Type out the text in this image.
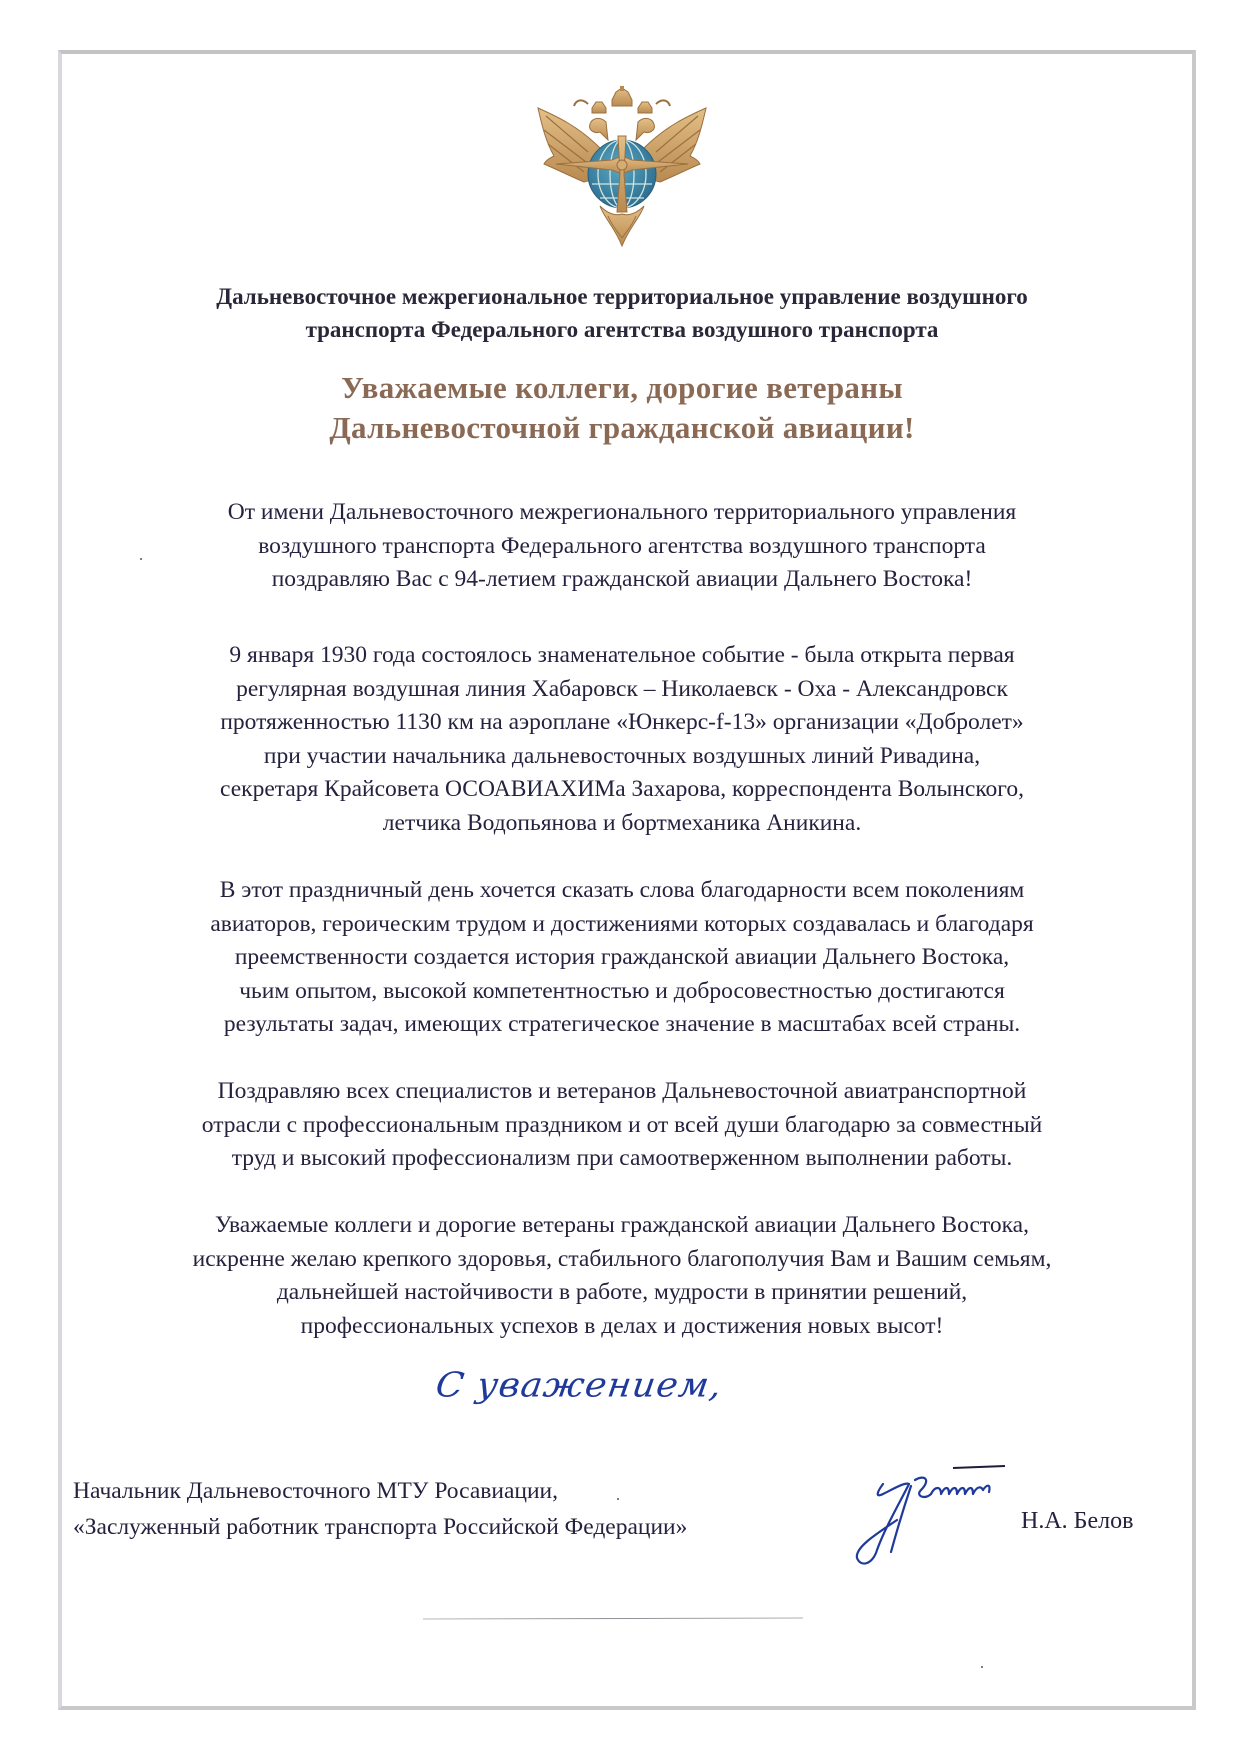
Дальневосточное межрегиональное территориальное управление воздушного
транспорта Федерального агентства воздушного транспорта
Уважаемые коллеги, дорогие ветераны
Дальневосточной гражданской авиации!
От имени Дальневосточного межрегионального территориального управления
воздушного транспорта Федерального агентства воздушного транспорта
поздравляю Вас с 94-летием гражданской авиации Дальнего Востока!
9 января 1930 года состоялось знаменательное событие - была открыта первая
регулярная воздушная линия Хабаровск – Николаевск - Оха - Александровск
протяженностью 1130 км на аэроплане «Юнкерс-f-13» организации «Добролет»
при участии начальника дальневосточных воздушных линий Ривадина,
секретаря Крайсовета ОСОАВИАХИМа Захарова, корреспондента Волынского,
летчика Водопьянова и бортмеханика Аникина.
В этот праздничный день хочется сказать слова благодарности всем поколениям
авиаторов, героическим трудом и достижениями которых создавалась и благодаря
преемственности создается история гражданской авиации Дальнего Востока,
чьим опытом, высокой компетентностью и добросовестностью достигаются
результаты задач, имеющих стратегическое значение в масштабах всей страны.
Поздравляю всех специалистов и ветеранов Дальневосточной авиатранспортной
отрасли с профессиональным праздником и от всей души благодарю за совместный
труд и высокий профессионализм при самоотверженном выполнении работы.
Уважаемые коллеги и дорогие ветераны гражданской авиации Дальнего Востока,
искренне желаю крепкого здоровья, стабильного благополучия Вам и Вашим семьям,
дальнейшей настойчивости в работе, мудрости в принятии решений,
профессиональных успехов в делах и достижения новых высот!
С уважением,
Начальник Дальневосточного МТУ Росавиации,
«Заслуженный работник транспорта Российской Федерации»	Н.А. Белов
